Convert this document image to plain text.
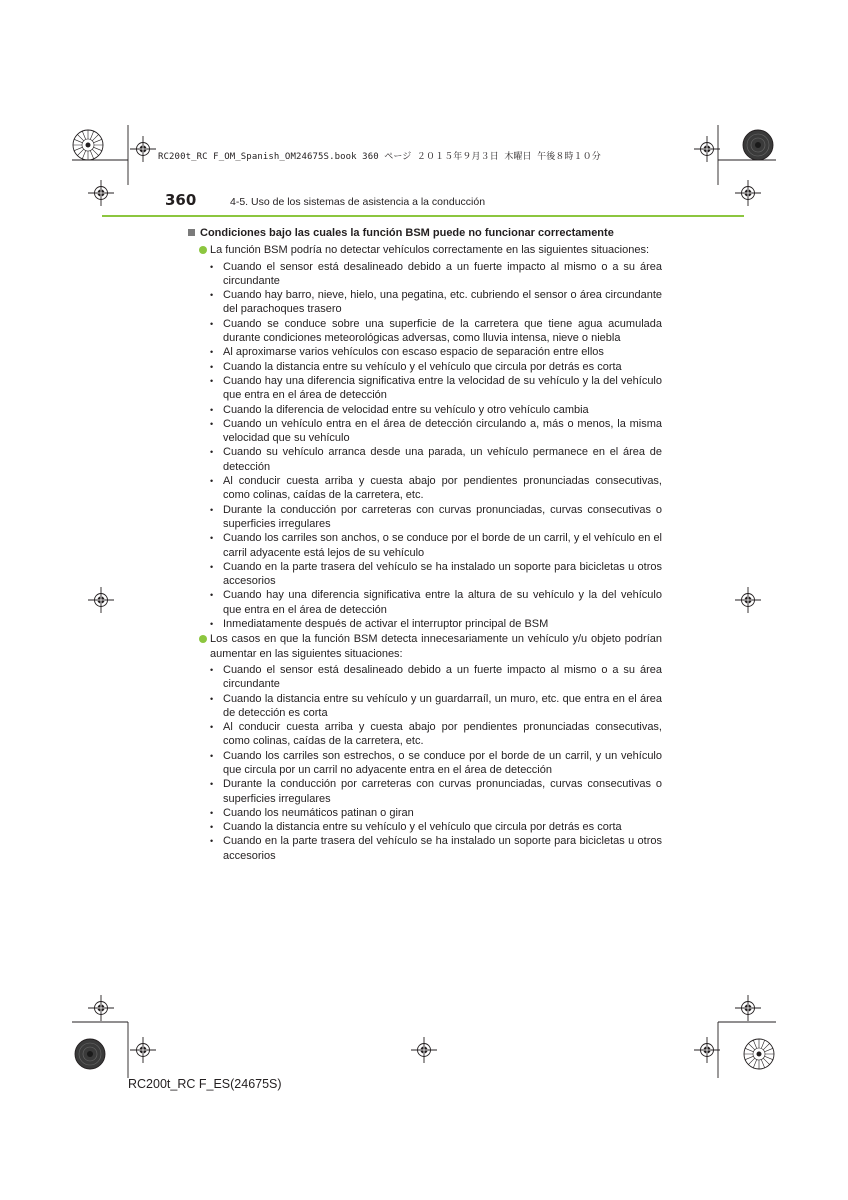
RC200t_RC F_OM_Spanish_OM24675S.book 360 ページ ２０１５年９月３日 木曜日 午後８時１０分
360	4-5. Uso de los sistemas de asistencia a la conducción
Condiciones bajo las cuales la función BSM puede no funcionar correctamente
La función BSM podría no detectar vehículos correctamente en las siguientes situaciones:
• Cuando el sensor está desalineado debido a un fuerte impacto al mismo o a su área circundante
• Cuando hay barro, nieve, hielo, una pegatina, etc. cubriendo el sensor o área circundante del parachoques trasero
• Cuando se conduce sobre una superficie de la carretera que tiene agua acumulada durante condiciones meteorológicas adversas, como lluvia intensa, nieve o niebla
• Al aproximarse varios vehículos con escaso espacio de separación entre ellos
• Cuando la distancia entre su vehículo y el vehículo que circula por detrás es corta
• Cuando hay una diferencia significativa entre la velocidad de su vehículo y la del vehículo que entra en el área de detección
• Cuando la diferencia de velocidad entre su vehículo y otro vehículo cambia
• Cuando un vehículo entra en el área de detección circulando a, más o menos, la misma velocidad que su vehículo
• Cuando su vehículo arranca desde una parada, un vehículo permanece en el área de detección
• Al conducir cuesta arriba y cuesta abajo por pendientes pronunciadas consecutivas, como colinas, caídas de la carretera, etc.
• Durante la conducción por carreteras con curvas pronunciadas, curvas consecutivas o superficies irregulares
• Cuando los carriles son anchos, o se conduce por el borde de un carril, y el vehículo en el carril adyacente está lejos de su vehículo
• Cuando en la parte trasera del vehículo se ha instalado un soporte para bicicletas u otros accesorios
• Cuando hay una diferencia significativa entre la altura de su vehículo y la del vehículo que entra en el área de detección
• Inmediatamente después de activar el interruptor principal de BSM
Los casos en que la función BSM detecta innecesariamente un vehículo y/u objeto podrían aumentar en las siguientes situaciones:
• Cuando el sensor está desalineado debido a un fuerte impacto al mismo o a su área circundante
• Cuando la distancia entre su vehículo y un guardarraíl, un muro, etc. que entra en el área de detección es corta
• Al conducir cuesta arriba y cuesta abajo por pendientes pronunciadas consecutivas, como colinas, caídas de la carretera, etc.
• Cuando los carriles son estrechos, o se conduce por el borde de un carril, y un vehículo que circula por un carril no adyacente entra en el área de detección
• Durante la conducción por carreteras con curvas pronunciadas, curvas consecutivas o superficies irregulares
• Cuando los neumáticos patinan o giran
• Cuando la distancia entre su vehículo y el vehículo que circula por detrás es corta
• Cuando en la parte trasera del vehículo se ha instalado un soporte para bicicletas u otros accesorios
RC200t_RC F_ES(24675S)
